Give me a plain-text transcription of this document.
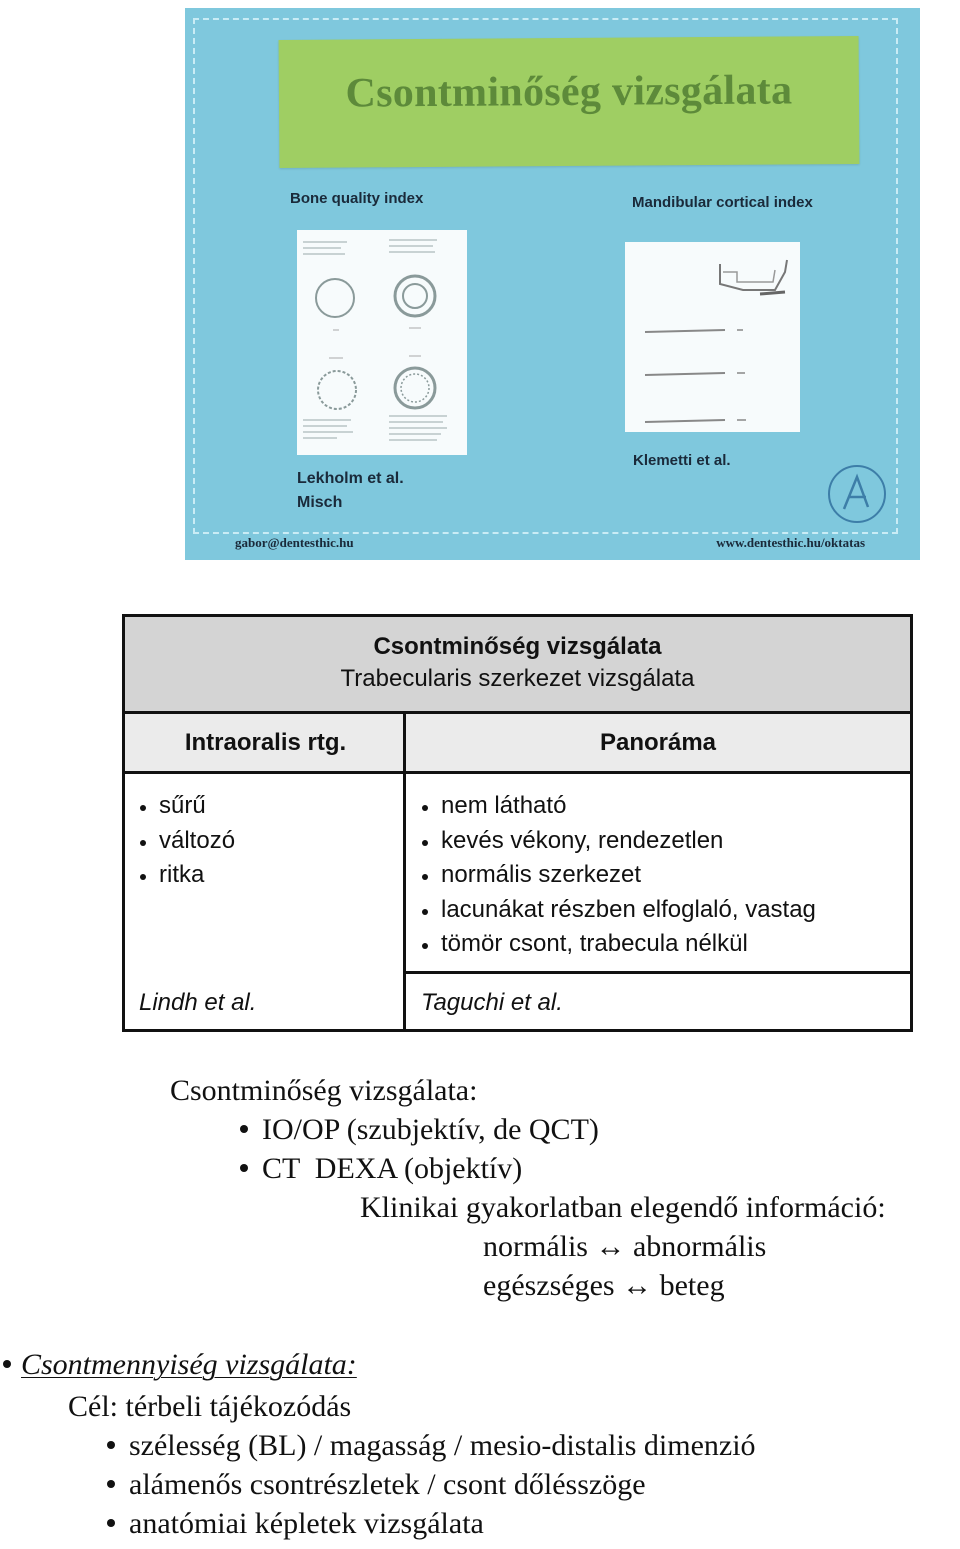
Csontminőség vizsgálata
Bone quality index	Mandibular cortical index
Lekholm et al.
Misch
Klemetti et al.
gabor@dentesthic.hu	www.dentesthic.hu/oktatas
Csontminőség vizsgálata
Trabecularis szerkezet vizsgálata
Intraoralis rtg.	Panoráma
sűrű
változó
ritka
nem látható
kevés vékony, rendezetlen
normális szerkezet
lacunákat részben elfoglaló, vastag
tömör csont, trabecula nélkül
Lindh et al.	Taguchi et al.
Csontminőség vizsgálata:
IO/OP (szubjektív, de QCT)
CT  DEXA (objektív)
Klinikai gyakorlatban elegendő információ:
normális ↔ abnormális
egészséges ↔ beteg
Csontmennyiség vizsgálata:
Cél: térbeli tájékozódás
szélesség (BL) / magasság / mesio-distalis dimenzió
alámenős csontrészletek / csont dőlésszöge
anatómiai képletek vizsgálata
